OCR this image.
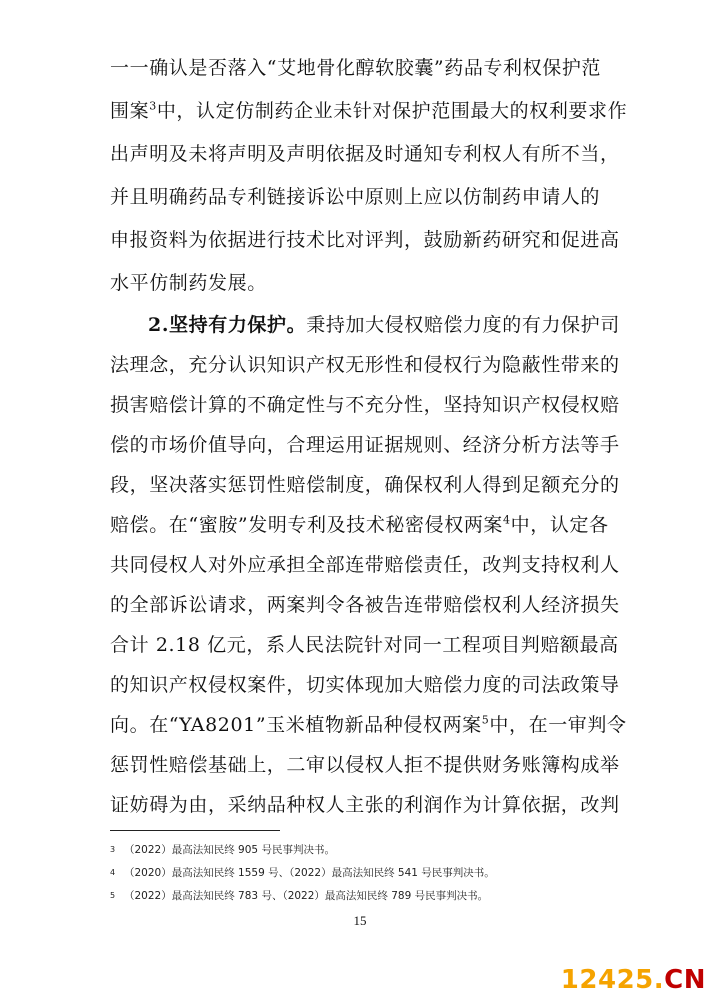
一一确认是否落入“艾地骨化醇软胶囊”药品专利权保护范
围案$^3$中，认定仿制药企业未针对保护范围最大的权利要求作
出声明及未将声明及声明依据及时通知专利权人有所不当，
并且明确药品专利链接诉讼中原则上应以仿制药申请人的
申报资料为依据进行技术比对评判，鼓励新药研究和促进高
水平仿制药发展。
2.坚持有力保护。秉持加大侵权赔偿力度的有力保护司
法理念，充分认识知识产权无形性和侵权行为隐蔽性带来的
损害赔偿计算的不确定性与不充分性，坚持知识产权侵权赔
偿的市场价值导向，合理运用证据规则、经济分析方法等手
段，坚决落实惩罚性赔偿制度，确保权利人得到足额充分的
赔偿。在“蜜胺”发明专利及技术秘密侵权两案$^4$中，认定各
共同侵权人对外应承担全部连带赔偿责任，改判支持权利人
的全部诉讼请求，两案判令各被告连带赔偿权利人经济损失
合计 2.18 亿元，系人民法院针对同一工程项目判赔额最高
的知识产权侵权案件，切实体现加大赔偿力度的司法政策导
向。在“YA8201”玉米植物新品种侵权两案$^5$中，在一审判令
惩罚性赔偿基础上，二审以侵权人拒不提供财务账簿构成举
3 （2022）最高法知民终 905 号民事判决书。
4 （2020）最高法知民终 1559 号、（2022）最高法知民终 541 号民事判决书。
5 （2022）最高法知民终 783 号、（2022）最高法知民终 789 号民事判决书。
15
12425.CN
证妨碍为由，采纳品种权人主张的利润作为计算依据，改判
